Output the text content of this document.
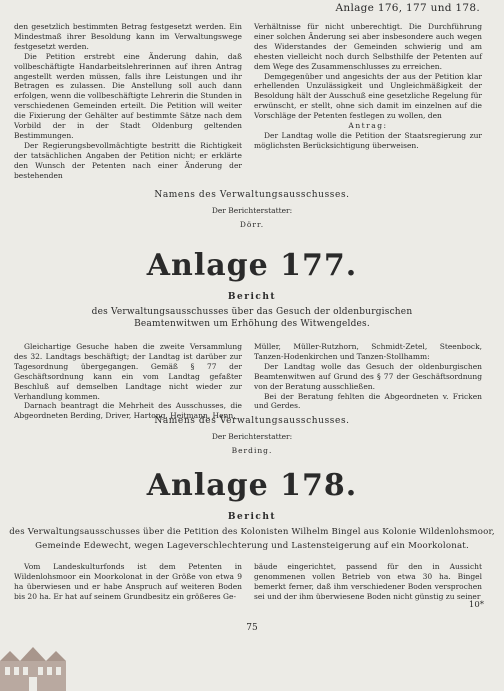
Anlage 176, 177 und 178.

den gesetzlich bestimmten Betrag festgesetzt werden. Ein Mindestmaß ihrer Besoldung kann im Verwaltungswege festgesetzt werden.

Die Petition erstrebt eine Änderung dahin, daß vollbeschäftigte Handarbeitslehrerinnen auf ihren Antrag angestellt werden müssen, falls ihre Leistungen und ihr Betragen es zulassen. Die Anstellung soll auch dann erfolgen, wenn die vollbeschäftigte Lehrerin die Stunden in verschiedenen Gemeinden erteilt. Die Petition will weiter die Fixierung der Gehälter auf bestimmte Sätze nach dem Vorbild der in der Stadt Oldenburg geltenden Bestimmungen.

Der Regierungsbevollmächtigte bestritt die Richtigkeit der tatsächlichen Angaben der Petition nicht; er erklärte den Wunsch der Petenten nach einer Änderung der bestehenden

Verhältnisse für nicht unberechtigt. Die Durchführung einer solchen Änderung sei aber insbesondere auch wegen des Widerstandes der Gemeinden schwierig und am ehesten vielleicht noch durch Selbsthilfe der Petenten auf dem Wege des Zusammenschlusses zu erreichen.

Demgegenüber und angesichts der aus der Petition klar erhellenden Unzulässigkeit und Ungleichmäßigkeit der Besoldung hält der Ausschuß eine gesetzliche Regelung für erwünscht, er stellt, ohne sich damit im einzelnen auf die Vorschläge der Petenten festlegen zu wollen, den

Antrag:

Der Landtag wolle die Petition der Staatsregierung zur möglichsten Berücksichtigung überweisen.

Namens des Verwaltungsausschusses.
Der Berichterstatter:
Dörr.
Anlage 177.
Bericht
des Verwaltungsausschusses über das Gesuch der oldenburgischen Beamtenwitwen um Erhöhung des Witwengeldes.

Gleichartige Gesuche haben die zweite Versammlung des 32. Landtags beschäftigt; der Landtag ist darüber zur Tagesordnung übergegangen. Gemäß § 77 der Geschäftsordnung kann ein vom Landtag gefaßter Beschluß auf demselben Landtage nicht wieder zur Verhandlung kommen.

Darnach beantragt die Mehrheit des Ausschusses, die Abgeordneten Berding, Driver, Hartong, Heitmann, Henn,

Müller, Müller-Rutzhorn, Schmidt-Zetel, Steenbock, Tanzen-Hodenkirchen und Tanzen-Stollhamm:

Der Landtag wolle das Gesuch der oldenburgischen Beamtenwitwen auf Grund des § 77 der Geschäftsordnung von der Beratung ausschließen.

Bei der Beratung fehlten die Abgeordneten v. Fricken und Gerdes.

Namens des Verwaltungsausschusses.
Der Berichterstatter:
Berding.
Anlage 178.
Bericht
des Verwaltungsausschusses über die Petition des Kolonisten Wilhelm Bingel aus Kolonie Wildenlohsmoor,
Gemeinde Edewecht, wegen Lageverschlechterung und Lastensteigerung auf ein Moorkolonat.

Vom Landeskulturfonds ist dem Petenten in Wildenlohsmoor ein Moorkolonat in der Größe von etwa 9 ha überwiesen und er habe Anspruch auf weiteren Boden bis 20 ha. Er hat auf seinem Grundbesitz ein größeres Ge-

bäude eingerichtet, passend für den in Aussicht genommenen vollen Betrieb von etwa 30 ha. Bingel bemerkt ferner, daß ihm verschiedener Boden versprochen sei und der ihm überwiesene Boden nicht günstig zu seiner

10*
75
